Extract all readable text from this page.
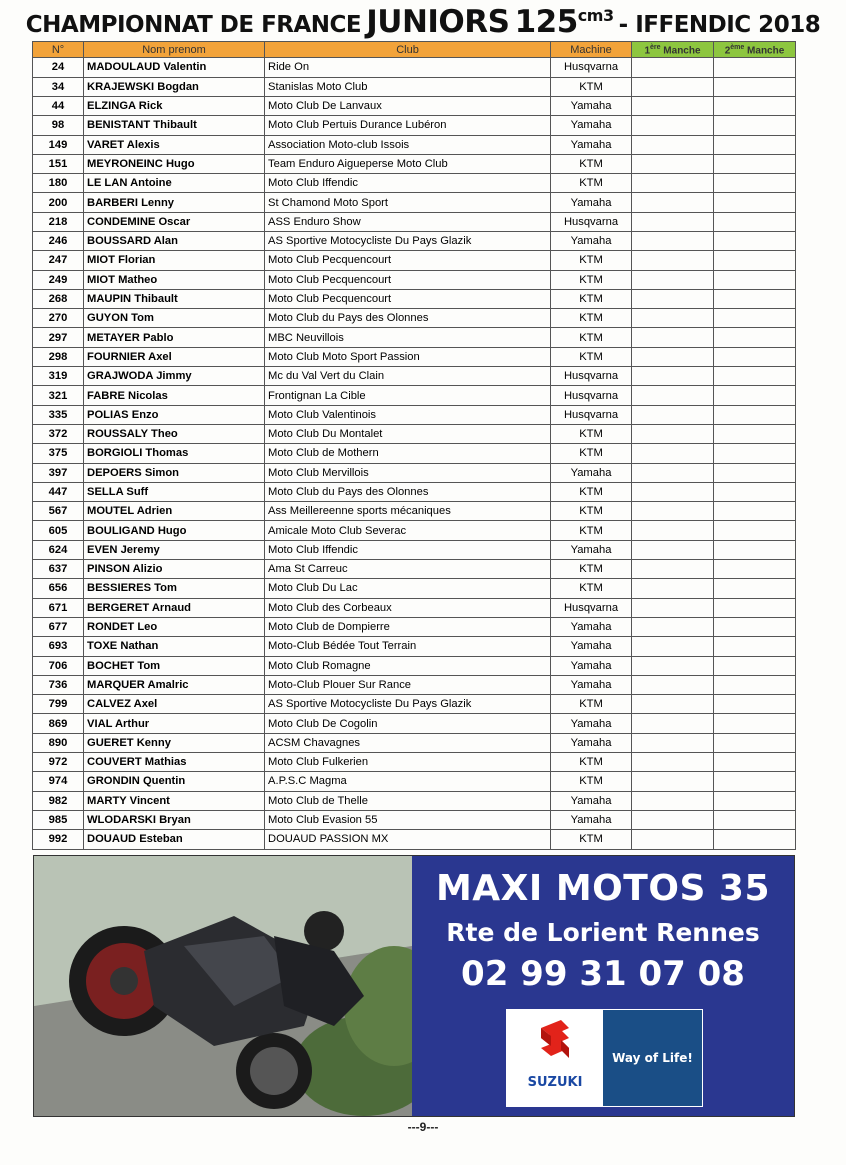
CHAMPIONNAT DE FRANCE JUNIORS 125cm3 - IFFENDIC 2018
N°	Nom prenom	Club	Machine	1ère Manche	2ème Manche
24	MADOULAUD Valentin	Ride On	Husqvarna		
34	KRAJEWSKI Bogdan	Stanislas Moto Club	KTM		
44	ELZINGA Rick	Moto Club De Lanvaux	Yamaha		
98	BENISTANT Thibault	Moto Club Pertuis Durance Lubéron	Yamaha		
149	VARET Alexis	Association Moto-club Issois	Yamaha		
151	MEYRONEINC Hugo	Team Enduro Aigueperse Moto Club	KTM		
180	LE LAN Antoine	Moto Club Iffendic	KTM		
200	BARBERI Lenny	St Chamond Moto Sport	Yamaha		
218	CONDEMINE Oscar	ASS Enduro Show	Husqvarna		
246	BOUSSARD Alan	AS Sportive Motocycliste Du Pays Glazik	Yamaha		
247	MIOT Florian	Moto Club Pecquencourt	KTM		
249	MIOT Matheo	Moto Club Pecquencourt	KTM		
268	MAUPIN Thibault	Moto Club Pecquencourt	KTM		
270	GUYON Tom	Moto Club du Pays des Olonnes	KTM		
297	METAYER Pablo	MBC Neuvillois	KTM		
298	FOURNIER Axel	Moto Club Moto Sport Passion	KTM		
319	GRAJWODA Jimmy	Mc du Val Vert du Clain	Husqvarna		
321	FABRE Nicolas	Frontignan La Cible	Husqvarna		
335	POLIAS Enzo	Moto Club Valentinois	Husqvarna		
372	ROUSSALY Theo	Moto Club Du Montalet	KTM		
375	BORGIOLI Thomas	Moto Club de Mothern	KTM		
397	DEPOERS Simon	Moto Club Mervillois	Yamaha		
447	SELLA Suff	Moto Club du Pays des Olonnes	KTM		
567	MOUTEL Adrien	Ass Meillereenne sports mécaniques	KTM		
605	BOULIGAND Hugo	Amicale Moto Club Severac	KTM		
624	EVEN Jeremy	Moto Club Iffendic	Yamaha		
637	PINSON Alizio	Ama St Carreuc	KTM		
656	BESSIERES Tom	Moto Club Du Lac	KTM		
671	BERGERET Arnaud	Moto Club des Corbeaux	Husqvarna		
677	RONDET Leo	Moto Club de Dompierre	Yamaha		
693	TOXE Nathan	Moto-Club Bédée Tout Terrain	Yamaha		
706	BOCHET Tom	Moto Club Romagne	Yamaha		
736	MARQUER Amalric	Moto-Club Plouer Sur Rance	Yamaha		
799	CALVEZ Axel	AS Sportive Motocycliste Du Pays Glazik	KTM		
869	VIAL Arthur	Moto Club De Cogolin	Yamaha		
890	GUERET Kenny	ACSM Chavagnes	Yamaha		
972	COUVERT Mathias	Moto Club Fulkerien	KTM		
974	GRONDIN Quentin	A.P.S.C Magma	KTM		
982	MARTY Vincent	Moto Club de Thelle	Yamaha		
985	WLODARSKI Bryan	Moto Club Evasion 55	Yamaha		
992	DOUAUD Esteban	DOUAUD PASSION MX	KTM		
MAXI MOTOS 35
Rte de Lorient Rennes
02 99 31 07 08
SUZUKI
Way of Life!
---9---
